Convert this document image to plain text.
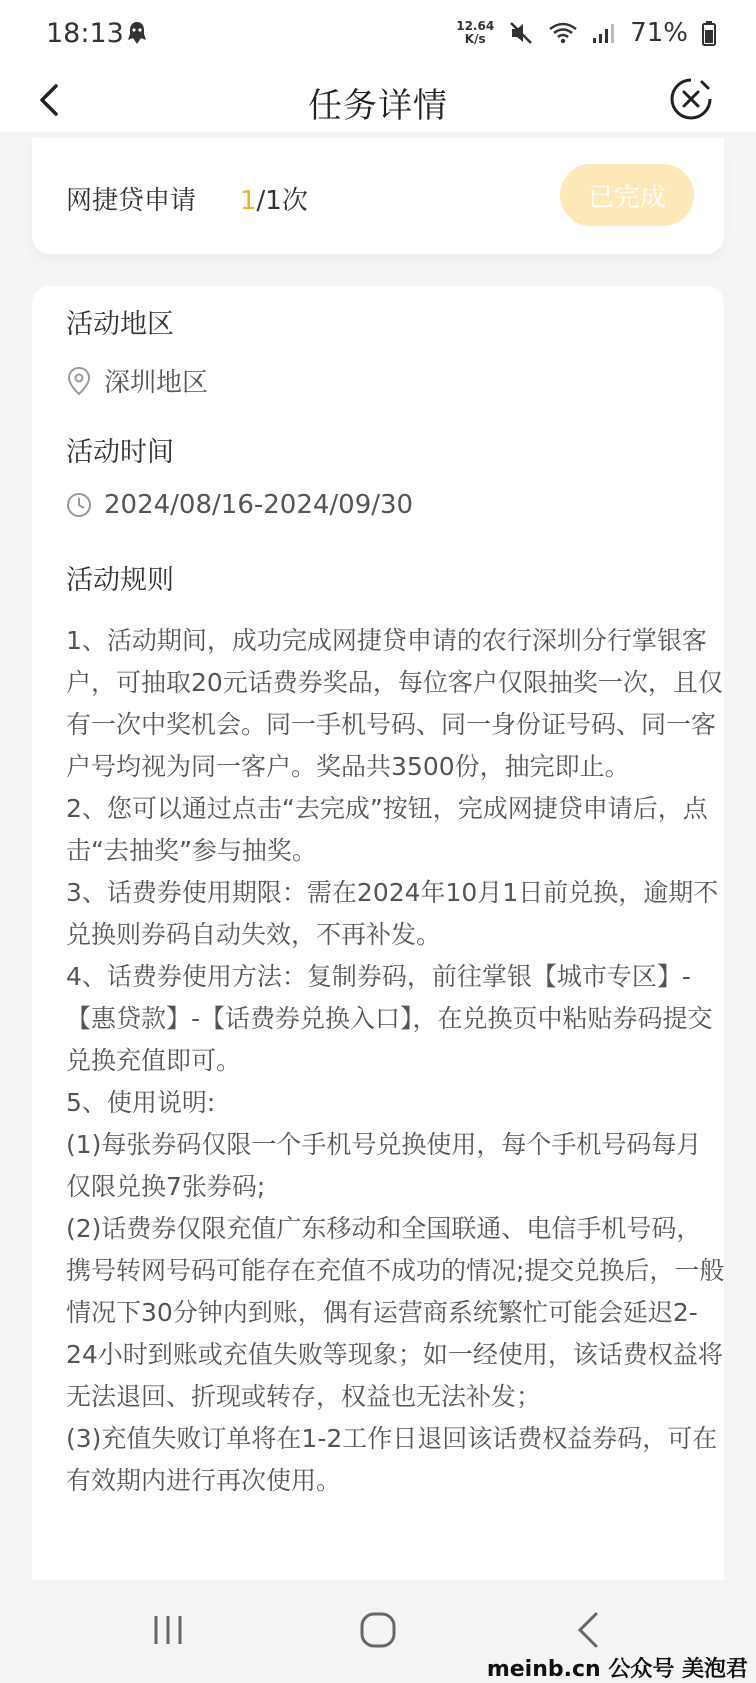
18:13	12.64
K/s	71%
任务详情
网捷贷申请 1/1次	已完成
活动地区
深圳地区
活动时间
2024/08/16-2024/09/30
活动规则

1、活动期间，成功完成网捷贷申请的农行深圳分行掌银客户，可抽取20元话费券奖品，每位客户仅限抽奖一次，且仅有一次中奖机会。同一手机号码、同一身份证号码、同一客户号均视为同一客户。奖品共3500份，抽完即止。

2、您可以通过点击“去完成”按钮，完成网捷贷申请后，点击“去抽奖”参与抽奖。

3、话费券使用期限：需在2024年10月1日前兑换，逾期不兑换则券码自动失效，不再补发。

4、话费券使用方法：复制券码，前往掌银【城市专区】-【惠贷款】-【话费券兑换入口】，在兑换页中粘贴券码提交兑换充值即可。

5、使用说明:

(1)每张券码仅限一个手机号兑换使用，每个手机号码每月仅限兑换7张券码;

(2)话费券仅限充值广东移动和全国联通、电信手机号码，携号转网号码可能存在充值不成功的情况;提交兑换后，一般情况下30分钟内到账，偶有运营商系统繁忙可能会延迟2-24小时到账或充值失败等现象；如一经使用，该话费权益将无法退回、折现或转存，权益也无法补发；

(3)充值失败订单将在1-2工作日退回该话费权益券码，可在有效期内进行再次使用。

meinb.cn 公众号 美泡君
